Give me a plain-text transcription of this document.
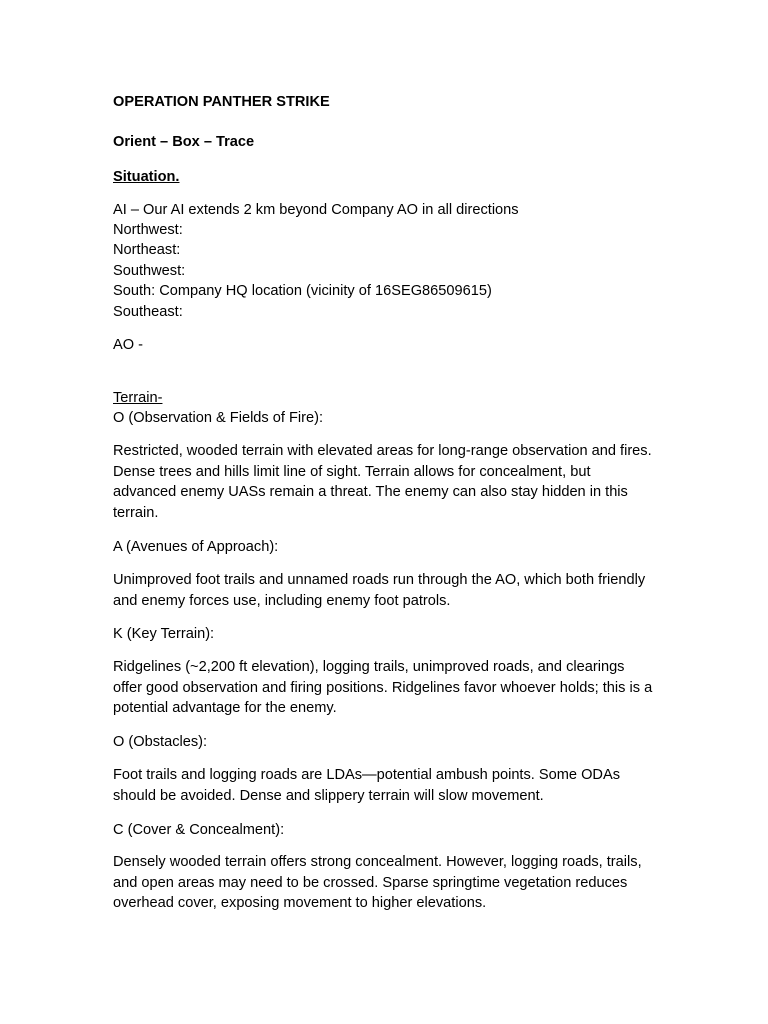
OPERATION PANTHER STRIKE
Orient – Box – Trace
Situation.
AI – Our AI extends 2 km beyond Company AO in all directions
Northwest:
Northeast:
Southwest:
South: Company HQ location (vicinity of 16SEG86509615)
Southeast:
AO -
Terrain-
O (Observation & Fields of Fire):
Restricted, wooded terrain with elevated areas for long-range observation and fires. Dense trees and hills limit line of sight. Terrain allows for concealment, but advanced enemy UASs remain a threat. The enemy can also stay hidden in this terrain.
A (Avenues of Approach):
Unimproved foot trails and unnamed roads run through the AO, which both friendly and enemy forces use, including enemy foot patrols.
K (Key Terrain):
Ridgelines (~2,200 ft elevation), logging trails, unimproved roads, and clearings offer good observation and firing positions. Ridgelines favor whoever holds; this is a potential advantage for the enemy.
O (Obstacles):
Foot trails and logging roads are LDAs—potential ambush points. Some ODAs should be avoided. Dense and slippery terrain will slow movement.
C (Cover & Concealment):
Densely wooded terrain offers strong concealment. However, logging roads, trails, and open areas may need to be crossed. Sparse springtime vegetation reduces overhead cover, exposing movement to higher elevations.
